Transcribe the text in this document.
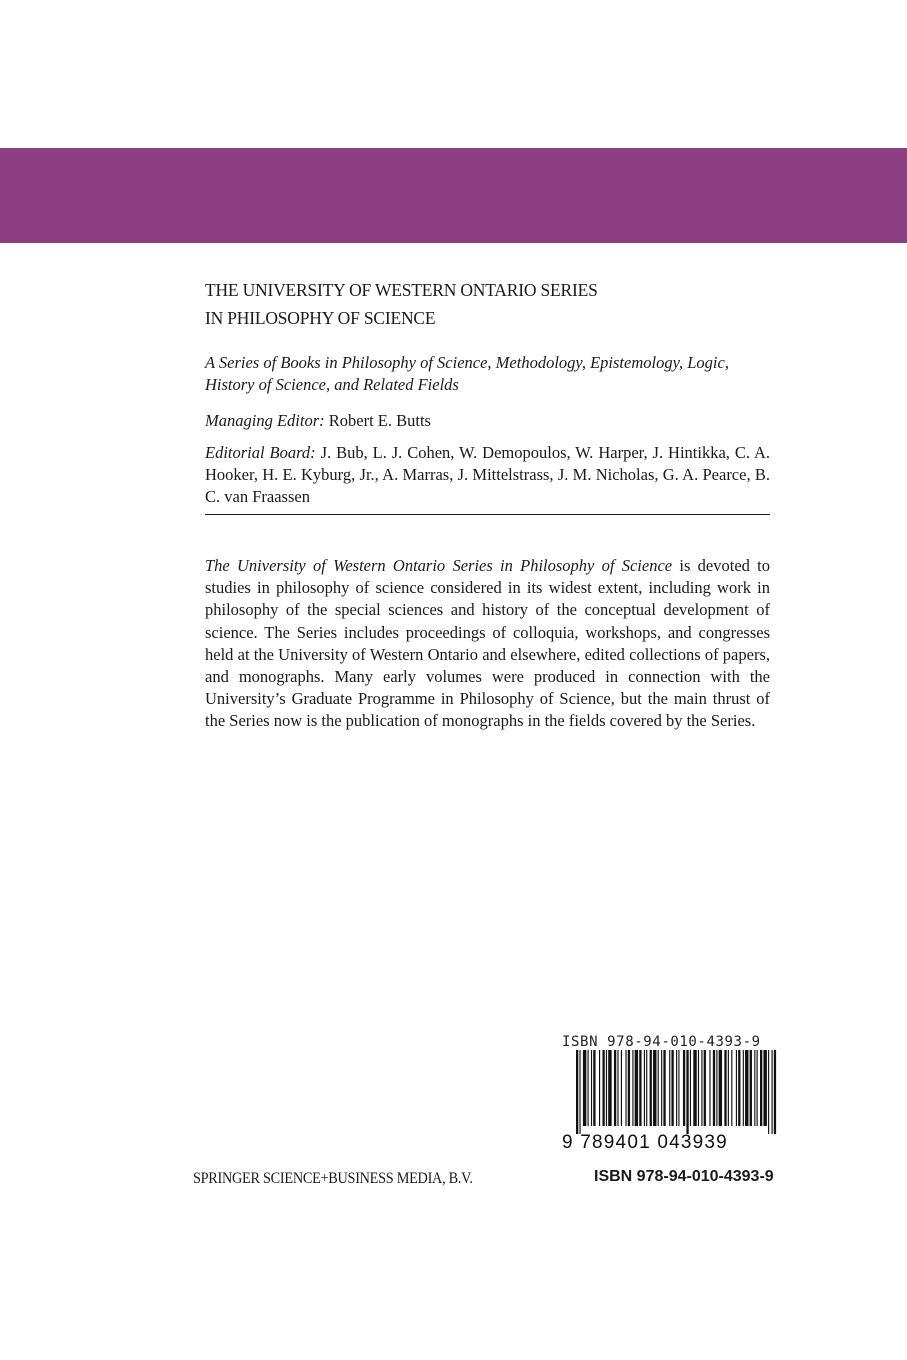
THE UNIVERSITY OF WESTERN ONTARIO SERIES
IN PHILOSOPHY OF SCIENCE

A Series of Books in Philosophy of Science, Methodology, Epistemology, Logic,
History of Science, and Related Fields

Managing Editor: Robert E. Butts

Editorial Board: J. Bub, L. J. Cohen, W. Demopoulos, W. Harper, J. Hintikka, C. A. Hooker, H. E. Kyburg, Jr., A. Marras, J. Mittelstrass, J. M. Nicholas, G. A. Pearce, B. C. van Fraassen

The University of Western Ontario Series in Philosophy of Science is devoted to studies in philosophy of science considered in its widest extent, including work in philosophy of the special sciences and history of the conceptual development of science. The Series includes proceedings of colloquia, workshops, and congresses held at the University of Western Ontario and elsewhere, edited collections of papers, and monographs. Many early volumes were produced in connection with the University’s Graduate Programme in Philosophy of Science, but the main thrust of the Series now is the publication of monographs in the fields covered by the Series.

ISBN 978-94-010-4393-9
9 789401 043939
SPRINGER SCIENCE+BUSINESS MEDIA, B.V.	ISBN 978-94-010-4393-9
